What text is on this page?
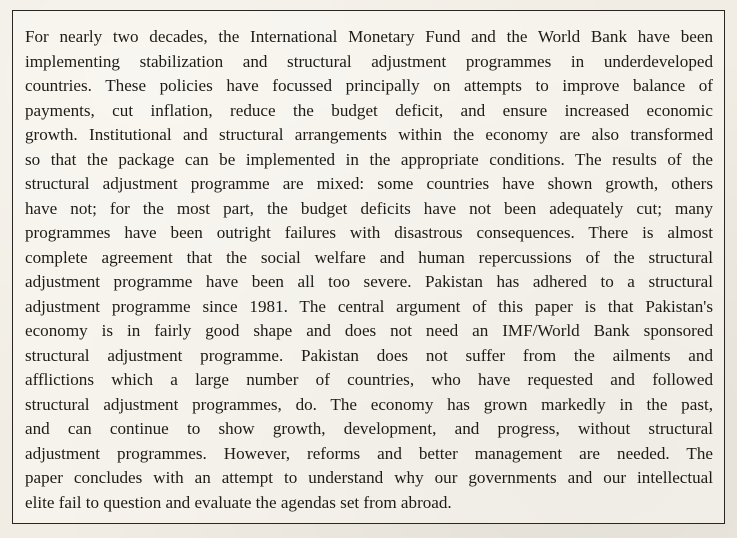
For nearly two decades, the International Monetary Fund and the World Bank have been
implementing stabilization and structural adjustment programmes in underdeveloped
countries. These policies have focussed principally on attempts to improve balance of
payments, cut inflation, reduce the budget deficit, and ensure increased economic
growth. Institutional and structural arrangements within the economy are also transformed
so that the package can be implemented in the appropriate conditions. The results of the
structural adjustment programme are mixed: some countries have shown growth, others
have not; for the most part, the budget deficits have not been adequately cut; many
programmes have been outright failures with disastrous consequences. There is almost
complete agreement that the social welfare and human repercussions of the structural
adjustment programme have been all too severe. Pakistan has adhered to a structural
adjustment programme since 1981. The central argument of this paper is that Pakistan's
economy is in fairly good shape and does not need an IMF/World Bank sponsored
structural adjustment programme. Pakistan does not suffer from the ailments and
afflictions which a large number of countries, who have requested and followed
structural adjustment programmes, do. The economy has grown markedly in the past,
and can continue to show growth, development, and progress, without structural
adjustment programmes. However, reforms and better management are needed. The
paper concludes with an attempt to understand why our governments and our intellectual
elite fail to question and evaluate the agendas set from abroad.
